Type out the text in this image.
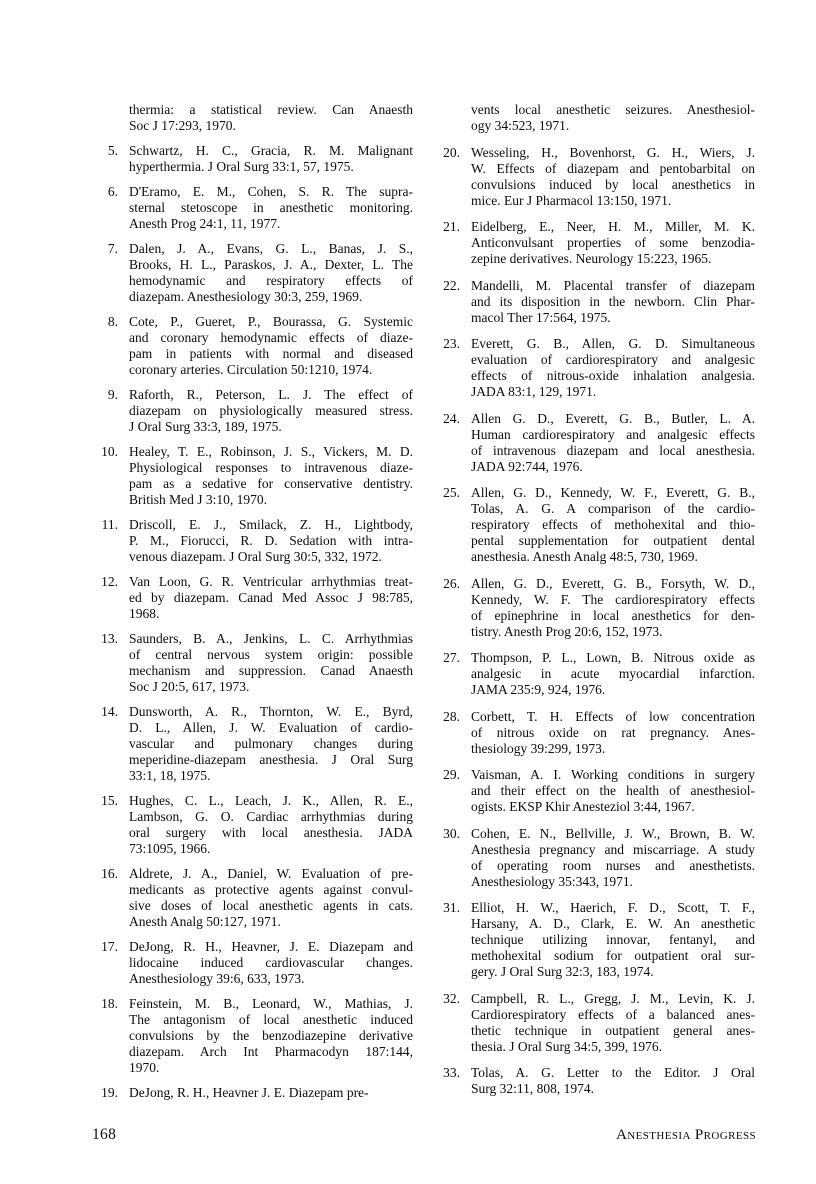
thermia: a statistical review. Can Anaesth
Soc J 17:293, 1970.
5. Schwartz, H. C., Gracia, R. M. Malignant
hyperthermia. J Oral Surg 33:1, 57, 1975.
6. D'Eramo, E. M., Cohen, S. R. The supra-
sternal stetoscope in anesthetic monitoring.
Anesth Prog 24:1, 11, 1977.
7. Dalen, J. A., Evans, G. L., Banas, J. S.,
Brooks, H. L., Paraskos, J. A., Dexter, L. The
hemodynamic and respiratory effects of
diazepam. Anesthesiology 30:3, 259, 1969.
8. Cote, P., Gueret, P., Bourassa, G. Systemic
and coronary hemodynamic effects of diaze-
pam in patients with normal and diseased
coronary arteries. Circulation 50:1210, 1974.
9. Raforth, R., Peterson, L. J. The effect of
diazepam on physiologically measured stress.
J Oral Surg 33:3, 189, 1975.
10. Healey, T. E., Robinson, J. S., Vickers, M. D.
Physiological responses to intravenous diaze-
pam as a sedative for conservative dentistry.
British Med J 3:10, 1970.
11. Driscoll, E. J., Smilack, Z. H., Lightbody,
P. M., Fiorucci, R. D. Sedation with intra-
venous diazepam. J Oral Surg 30:5, 332, 1972.
12. Van Loon, G. R. Ventricular arrhythmias treat-
ed by diazepam. Canad Med Assoc J 98:785,
1968.
13. Saunders, B. A., Jenkins, L. C. Arrhythmias
of central nervous system origin: possible
mechanism and suppression. Canad Anaesth
Soc J 20:5, 617, 1973.
14. Dunsworth, A. R., Thornton, W. E., Byrd,
D. L., Allen, J. W. Evaluation of cardio-
vascular and pulmonary changes during
meperidine-diazepam anesthesia. J Oral Surg
33:1, 18, 1975.
15. Hughes, C. L., Leach, J. K., Allen, R. E.,
Lambson, G. O. Cardiac arrhythmias during
oral surgery with local anesthesia. JADA
73:1095, 1966.
16. Aldrete, J. A., Daniel, W. Evaluation of pre-
medicants as protective agents against convul-
sive doses of local anesthetic agents in cats.
Anesth Analg 50:127, 1971.
17. DeJong, R. H., Heavner, J. E. Diazepam and
lidocaine induced cardiovascular changes.
Anesthesiology 39:6, 633, 1973.
18. Feinstein, M. B., Leonard, W., Mathias, J.
The antagonism of local anesthetic induced
convulsions by the benzodiazepine derivative
diazepam. Arch Int Pharmacodyn 187:144,
1970.
19. DeJong, R. H., Heavner J. E. Diazepam pre-
vents local anesthetic seizures. Anesthesiol-
ogy 34:523, 1971.
20. Wesseling, H., Bovenhorst, G. H., Wiers, J.
W. Effects of diazepam and pentobarbital on
convulsions induced by local anesthetics in
mice. Eur J Pharmacol 13:150, 1971.
21. Eidelberg, E., Neer, H. M., Miller, M. K.
Anticonvulsant properties of some benzodia-
zepine derivatives. Neurology 15:223, 1965.
22. Mandelli, M. Placental transfer of diazepam
and its disposition in the newborn. Clin Phar-
macol Ther 17:564, 1975.
23. Everett, G. B., Allen, G. D. Simultaneous
evaluation of cardiorespiratory and analgesic
effects of nitrous-oxide inhalation analgesia.
JADA 83:1, 129, 1971.
24. Allen G. D., Everett, G. B., Butler, L. A.
Human cardiorespiratory and analgesic effects
of intravenous diazepam and local anesthesia.
JADA 92:744, 1976.
25. Allen, G. D., Kennedy, W. F., Everett, G. B.,
Tolas, A. G. A comparison of the cardio-
respiratory effects of methohexital and thio-
pental supplementation for outpatient dental
anesthesia. Anesth Analg 48:5, 730, 1969.
26. Allen, G. D., Everett, G. B., Forsyth, W. D.,
Kennedy, W. F. The cardiorespiratory effects
of epinephrine in local anesthetics for den-
tistry. Anesth Prog 20:6, 152, 1973.
27. Thompson, P. L., Lown, B. Nitrous oxide as
analgesic in acute myocardial infarction.
JAMA 235:9, 924, 1976.
28. Corbett, T. H. Effects of low concentration
of nitrous oxide on rat pregnancy. Anes-
thesiology 39:299, 1973.
29. Vaisman, A. I. Working conditions in surgery
and their effect on the health of anesthesiol-
ogists. EKSP Khir Anesteziol 3:44, 1967.
30. Cohen, E. N., Bellville, J. W., Brown, B. W.
Anesthesia pregnancy and miscarriage. A study
of operating room nurses and anesthetists.
Anesthesiology 35:343, 1971.
31. Elliot, H. W., Haerich, F. D., Scott, T. F.,
Harsany, A. D., Clark, E. W. An anesthetic
technique utilizing innovar, fentanyl, and
methohexital sodium for outpatient oral sur-
gery. J Oral Surg 32:3, 183, 1974.
32. Campbell, R. L., Gregg, J. M., Levin, K. J.
Cardiorespiratory effects of a balanced anes-
thetic technique in outpatient general anes-
thesia. J Oral Surg 34:5, 399, 1976.
33. Tolas, A. G. Letter to the Editor. J Oral
Surg 32:11, 808, 1974.
168	Anesthesia Progress
